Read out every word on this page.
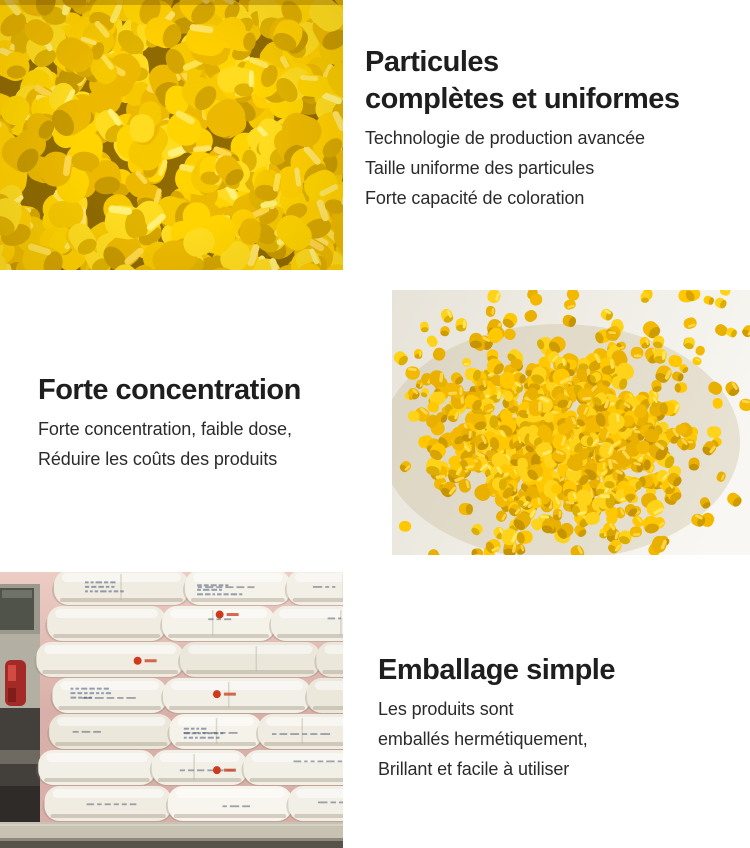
Particules
complètes et uniformes

Technologie de production avancée

Taille uniforme des particules

Forte capacité de coloration

Forte concentration

Forte concentration, faible dose,

Réduire les coûts des produits

Emballage simple

Les produits sont

emballés hermétiquement,

Brillant et facile à utiliser
